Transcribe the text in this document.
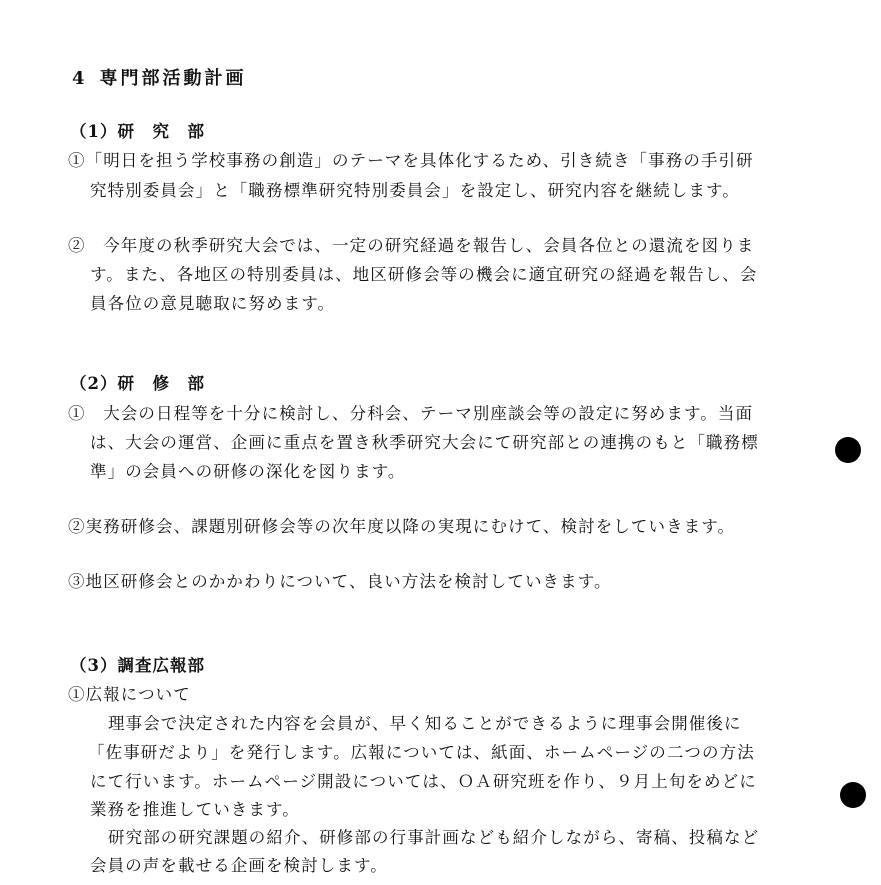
4 専門部活動計画
（1）研　究　部
①「明日を担う学校事務の創造」のテーマを具体化するため、引き続き「事務の手引研
究特別委員会」と「職務標準研究特別委員会」を設定し、研究内容を継続します。
②　今年度の秋季研究大会では、一定の研究経過を報告し、会員各位との還流を図りま
す。また、各地区の特別委員は、地区研修会等の機会に適宜研究の経過を報告し、会
員各位の意見聴取に努めます。
（2）研　修　部
①　大会の日程等を十分に検討し、分科会、テーマ別座談会等の設定に努めます。当面
は、大会の運営、企画に重点を置き秋季研究大会にて研究部との連携のもと「職務標
準」の会員への研修の深化を図ります。
②実務研修会、課題別研修会等の次年度以降の実現にむけて、検討をしていきます。
③地区研修会とのかかわりについて、良い方法を検討していきます。
（3）調査広報部
①広報について
理事会で決定された内容を会員が、早く知ることができるように理事会開催後に
「佐事研だより」を発行します。広報については、紙面、ホームページの二つの方法
にて行います。ホームページ開設については、ＯＡ研究班を作り、９月上旬をめどに
業務を推進していきます。
研究部の研究課題の紹介、研修部の行事計画なども紹介しながら、寄稿、投稿など
会員の声を載せる企画を検討します。
